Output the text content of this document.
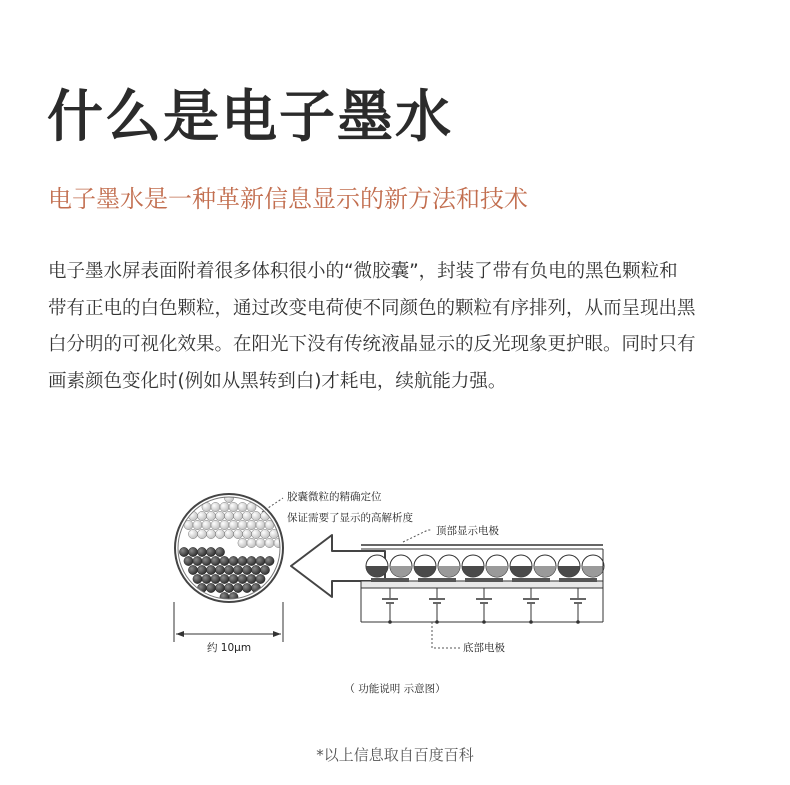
什么是电子墨水

电子墨水是一种革新信息显示的新方法和技术

电子墨水屏表面附着很多体积很小的“微胶囊”，封装了带有负电的黑色颗粒和
带有正电的白色颗粒，通过改变电荷使不同颜色的颗粒有序排列，从而呈现出黑
白分明的可视化效果。在阳光下没有传统液晶显示的反光现象更护眼。同时只有
画素颜色变化时(例如从黑转到白)才耗电，续航能力强。
胶囊微粒的精确定位
保证需要了显示的高解析度
约 10μm
顶部显示电极
底部电极
（ 功能说明 示意图）

*以上信息取自百度百科
